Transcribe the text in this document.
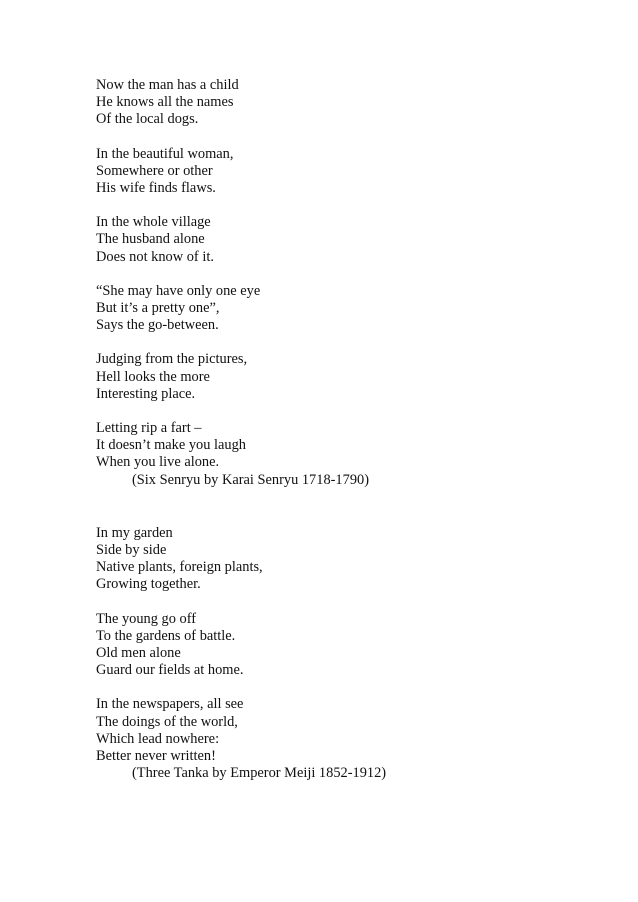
Now the man has a child
He knows all the names
Of the local dogs.
In the beautiful woman,
Somewhere or other
His wife finds flaws.
In the whole village
The husband alone
Does not know of it.
“She may have only one eye
But it’s a pretty one”,
Says the go-between.
Judging from the pictures,
Hell looks the more
Interesting place.
Letting rip a fart –
It doesn’t make you laugh
When you live alone.
(Six Senryu by Karai Senryu 1718-1790)
In my garden
Side by side
Native plants, foreign plants,
Growing together.
The young go off
To the gardens of battle.
Old men alone
Guard our fields at home.
In the newspapers, all see
The doings of the world,
Which lead nowhere:
Better never written!
(Three Tanka by Emperor Meiji 1852-1912)
